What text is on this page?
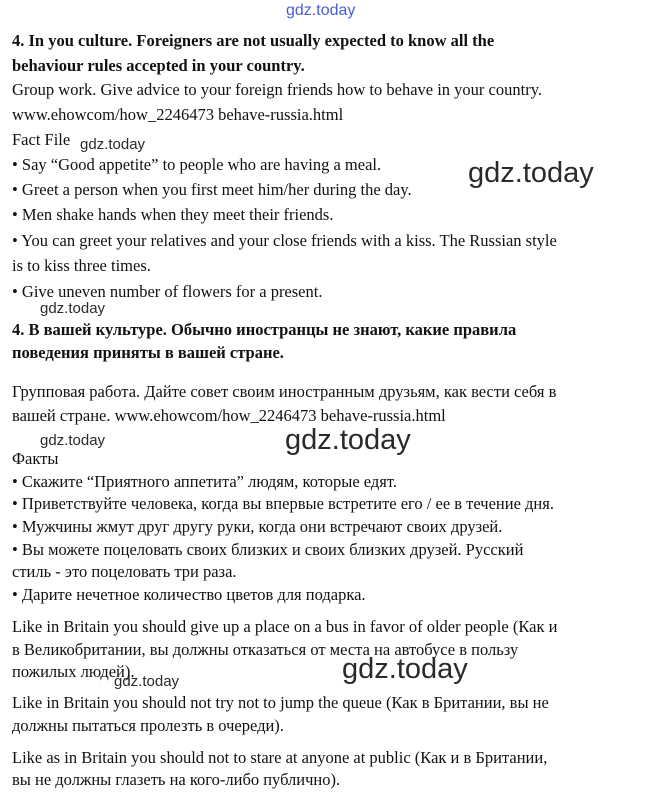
4. In you culture. Foreigners are not usually expected to know all the
behaviour rules accepted in your country.
Group work. Give advice to your foreign friends how to behave in your country.
www.ehowcom/how_2246473 behave-russia.html
Fact File
• Say “Good appetite” to people who are having a meal.
• Greet a person when you first meet him/her during the day.
• Men shake hands when they meet their friends.
• You can greet your relatives and your close friends with a kiss. The Russian style
is to kiss three times.
• Give uneven number of flowers for a present.
4. В вашей культуре. Обычно иностранцы не знают, какие правила
поведения приняты в вашей стране.
Групповая работа. Дайте совет своим иностранным друзьям, как вести себя в
вашей стране. www.ehowcom/how_2246473 behave-russia.html
Факты
• Скажите “Приятного аппетита” людям, которые едят.
• Приветствуйте человека, когда вы впервые встретите его / ее в течение дня.
• Мужчины жмут друг другу руки, когда они встречают своих друзей.
• Вы можете поцеловать своих близких и своих близких друзей. Русский
стиль - это поцеловать три раза.
• Дарите нечетное количество цветов для подарка.
Like in Britain you should give up a place on a bus in favor of older people (Как и
в Великобритании, вы должны отказаться от места на автобусе в пользу
пожилых людей).
Like in Britain you should not try not to jump the queue (Как в Британии, вы не
должны пытаться пролезть в очереди).
Like as in Britain you should not to stare at anyone at public (Как и в Британии,
вы не должны глазеть на кого-либо публично).
gdz.today
gdz.today
gdz.today
gdz.today
gdz.today	gdz.today
gdz.today
gdz.today
